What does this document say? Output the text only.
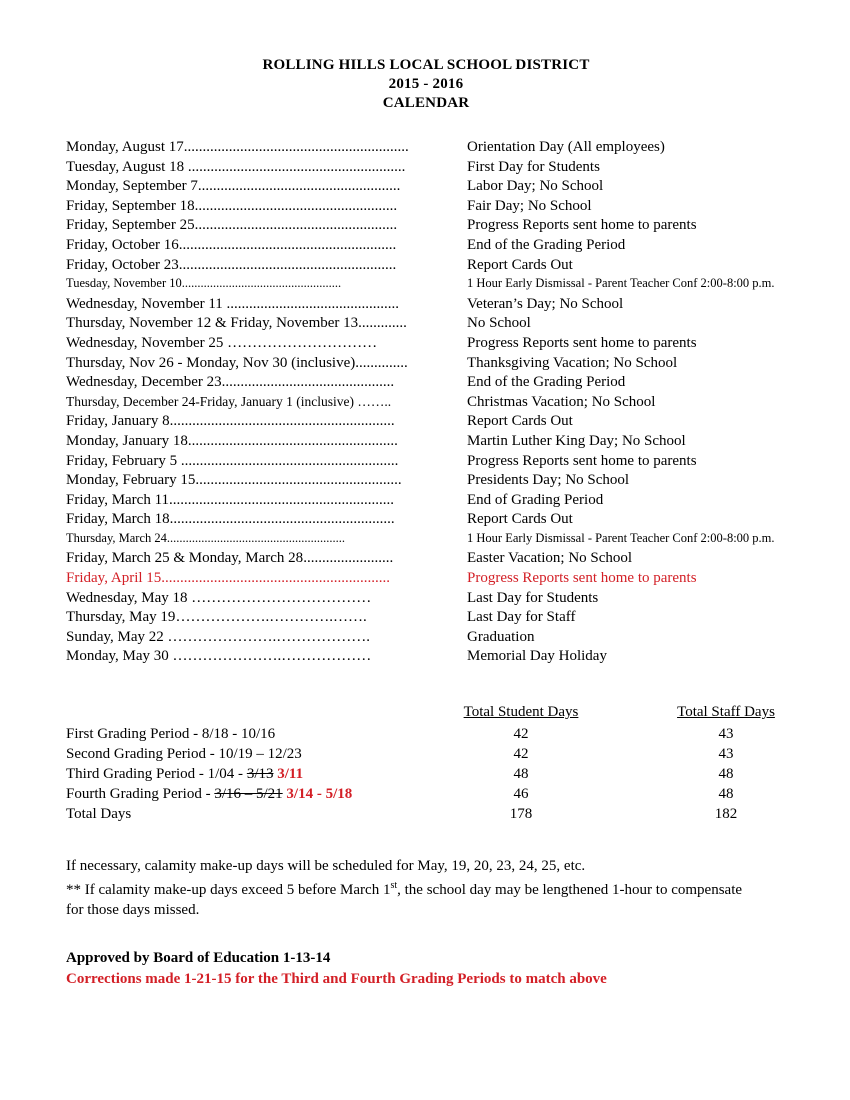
ROLLING HILLS LOCAL SCHOOL DISTRICT
2015 - 2016
CALENDAR
Monday, August 17............................................................	Orientation Day (All employees)
Tuesday, August 18 ..........................................................	First Day for Students
Monday, September 7......................................................	Labor Day; No School
Friday, September 18......................................................	Fair Day; No School
Friday, September 25......................................................	Progress Reports sent home to parents
Friday, October 16..........................................................	End of the Grading Period
Friday, October 23..........................................................	Report Cards Out
Tuesday, November 10...................................................	1 Hour Early Dismissal - Parent Teacher Conf 2:00-8:00 p.m.
Wednesday, November 11 ..............................................	Veteran’s Day; No School
Thursday, November 12 & Friday, November 13.............	No School
Wednesday, November 25 …………………………	Progress Reports sent home to parents
Thursday, Nov 26 - Monday, Nov 30 (inclusive)..............	Thanksgiving Vacation; No School
Wednesday, December 23..............................................	End of the Grading Period
Thursday, December 24-Friday, January 1 (inclusive) ……..	Christmas Vacation; No School
Friday, January 8............................................................	Report Cards Out
Monday, January 18........................................................	Martin Luther King Day; No School
Friday, February 5 ..........................................................	Progress Reports sent home to parents
Monday, February 15.......................................................	Presidents Day; No School
Friday, March 11............................................................	End of Grading Period
Friday, March 18............................................................	Report Cards Out
Thursday, March 24.........................................................	1 Hour Early Dismissal - Parent Teacher Conf 2:00-8:00 p.m.
Friday, March 25 & Monday, March 28........................	Easter Vacation; No School
Friday, April 15.............................................................	Progress Reports sent home to parents
Wednesday, May 18 ………………………………	Last Day for Students
Thursday, May 19……………….………….…….	Last Day for Staff
Sunday, May 22 ………………….……………….	Graduation
Monday, May 30 ………………….………………	Memorial Day Holiday
	Total Student Days	Total Staff Days
First Grading Period - 8/18 - 10/16	42	43
Second Grading Period - 10/19 – 12/23	42	43
Third Grading Period - 1/04 - 3/13 3/11	48	48
Fourth Grading Period - 3/16 – 5/21 3/14 - 5/18	46	48
Total Days	178	182

If necessary, calamity make-up days will be scheduled for May, 19, 20, 23, 24, 25, etc.

** If calamity make-up days exceed 5 before March 1st, the school day may be lengthened 1-hour to compensate

for those days missed.

Approved by Board of Education 1-13-14
Corrections made 1-21-15 for the Third and Fourth Grading Periods to match above
